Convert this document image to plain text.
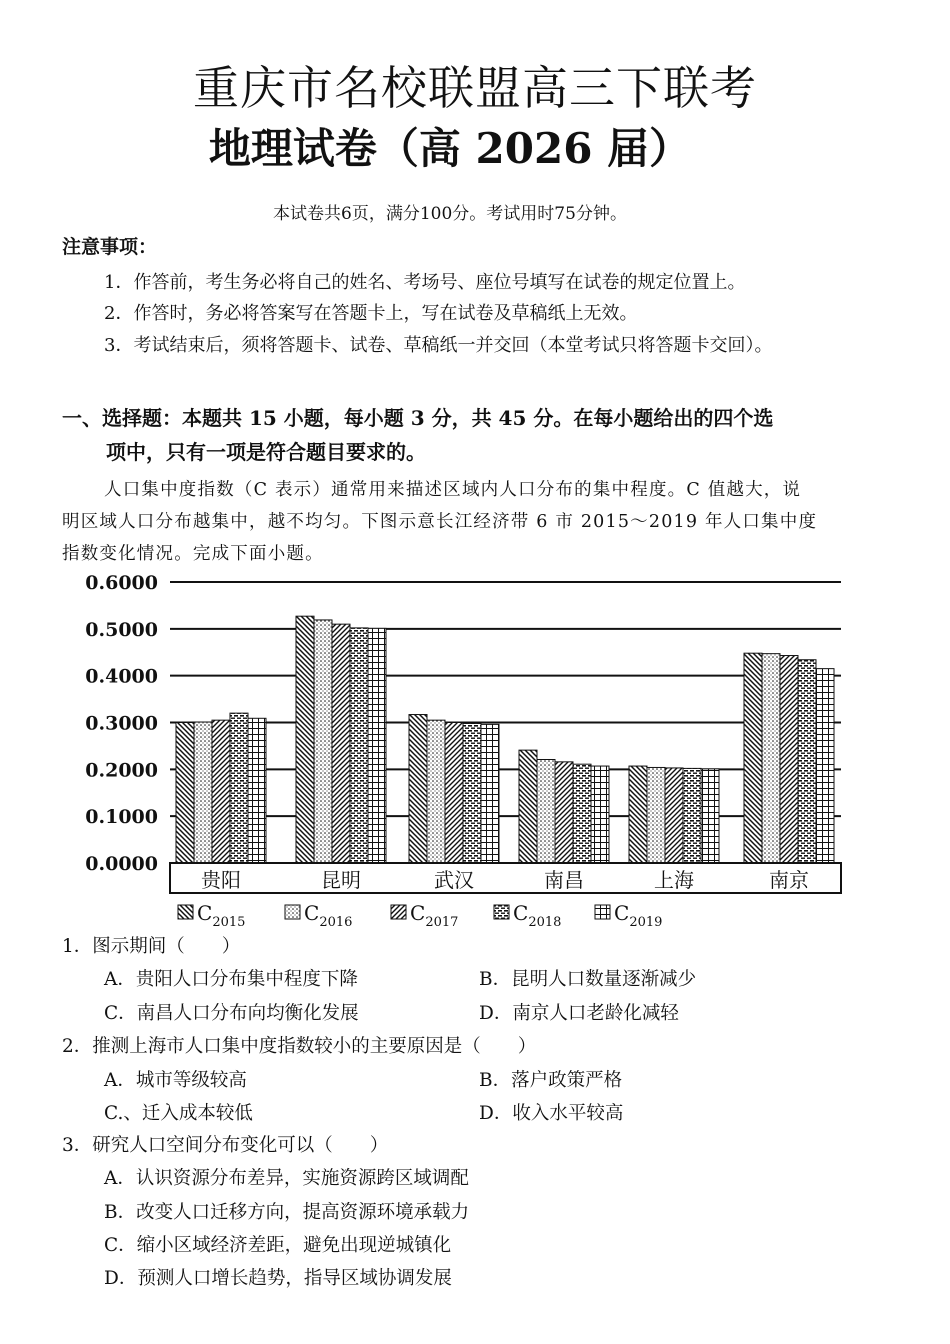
重庆市名校联盟高三下联考
地理试卷（高 2026 届）
本试卷共6页，满分100分。考试用时75分钟。
注意事项：
1．作答前，考生务必将自己的姓名、考场号、座位号填写在试卷的规定位置上。
2．作答时，务必将答案写在答题卡上，写在试卷及草稿纸上无效。
3．考试结束后，须将答题卡、试卷、草稿纸一并交回（本堂考试只将答题卡交回）。
一、选择题：本题共 15 小题，每小题 3 分，共 45 分。在每小题给出的四个选
项中，只有一项是符合题目要求的。
人口集中度指数（C 表示）通常用来描述区域内人口分布的集中程度。C 值越大，说
明区域人口分布越集中，越不均匀。下图示意长江经济带 6 市 2015～2019 年人口集中度
指数变化情况。完成下面小题。
0.0000
0.1000
0.2000
0.3000
0.4000
0.5000
0.6000
贵阳	昆明	武汉	南昌	上海	南京
$C_{2015}$	$C_{2016}$	$C_{2017}$	$C_{2018}$	$C_{2019}$
1．图示期间（　　）
A．贵阳人口分布集中程度下降	B．昆明人口数量逐渐减少
C．南昌人口分布向均衡化发展	D．南京人口老龄化减轻
2．推测上海市人口集中度指数较小的主要原因是（　　）
A．城市等级较高	B．落户政策严格
C.、迁入成本较低	D．收入水平较高
3．研究人口空间分布变化可以（　　）
A．认识资源分布差异，实施资源跨区域调配
B．改变人口迁移方向，提高资源环境承载力
C．缩小区域经济差距，避免出现逆城镇化
D．预测人口增长趋势，指导区域协调发展
